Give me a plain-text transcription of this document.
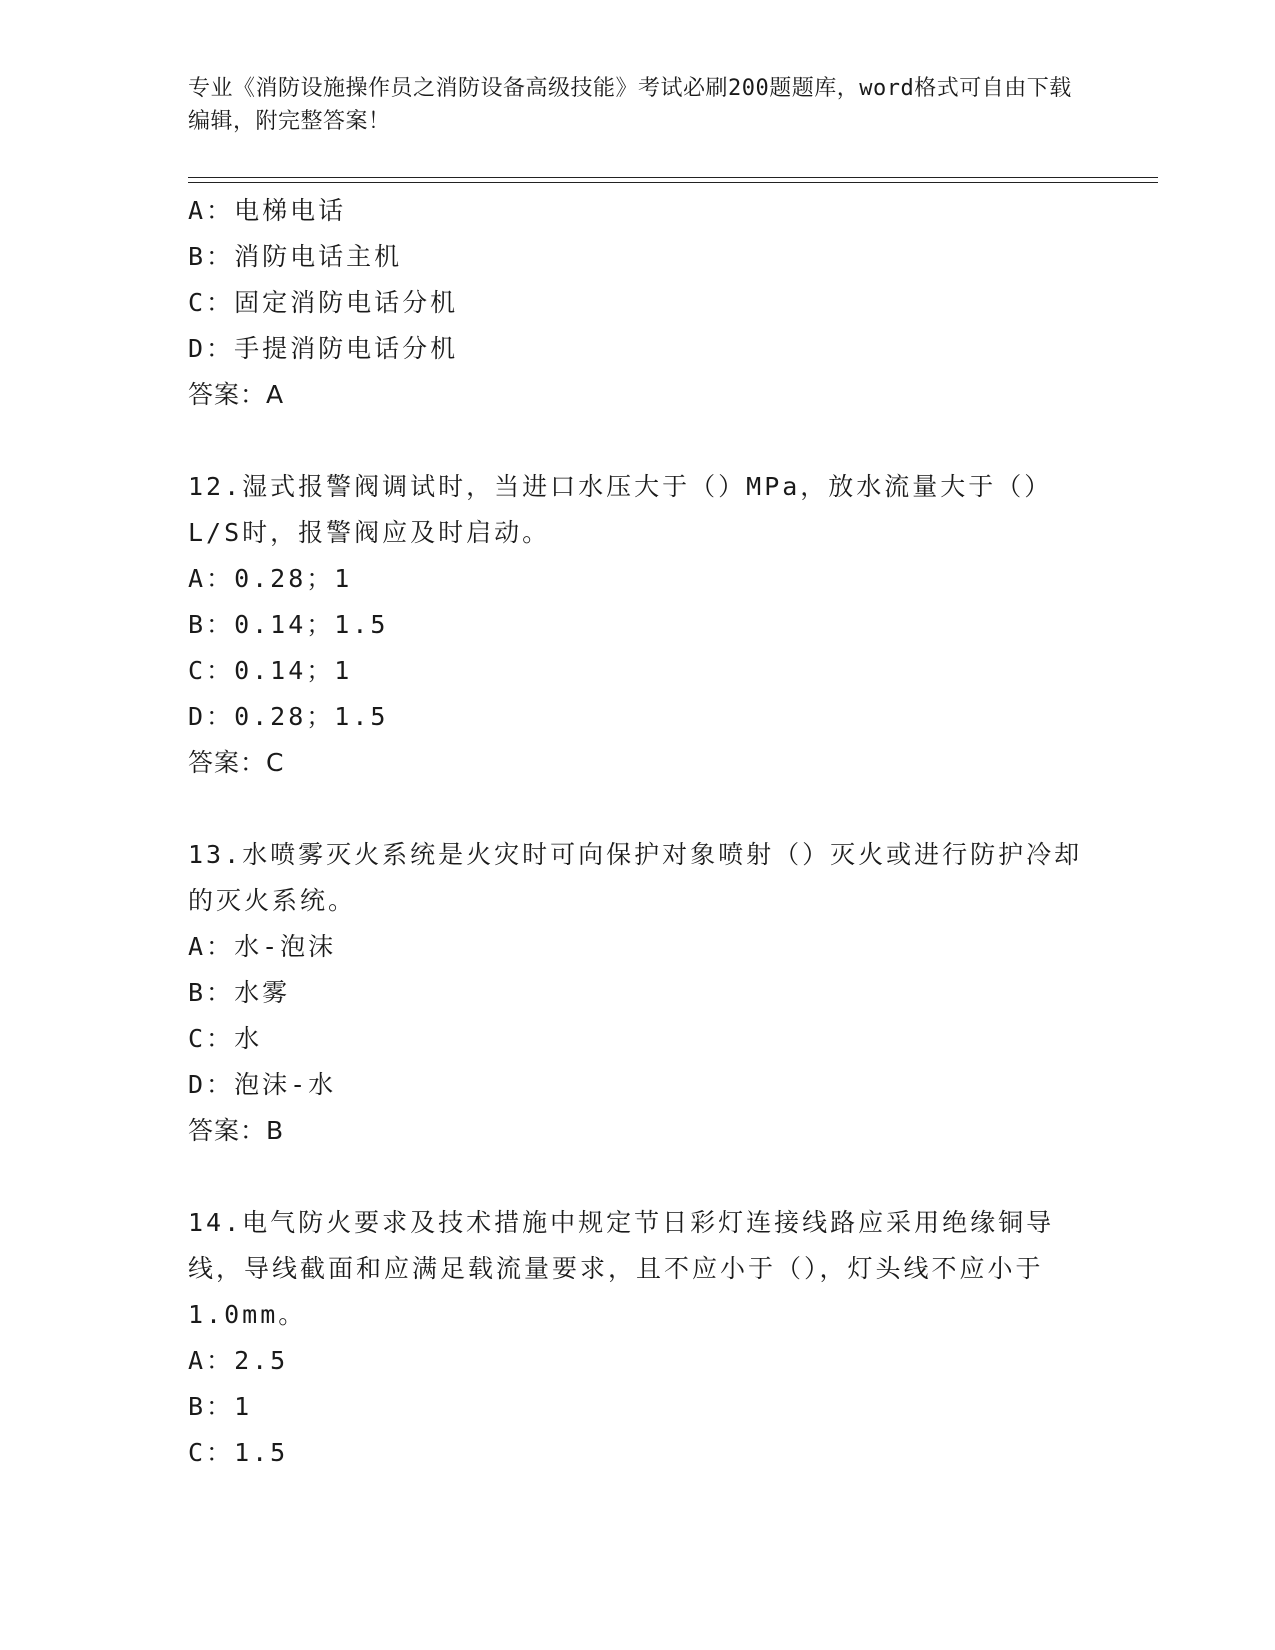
专业《消防设施操作员之消防设备高级技能》考试必刷200题题库，word格式可自由下载编辑，附完整答案！
A：电梯电话
B：消防电话主机
C：固定消防电话分机
D：手提消防电话分机
答案：A
12.湿式报警阀调试时，当进口水压大于（）MPa，放水流量大于（）L/S时，报警阀应及时启动。
A：0.28；1
B：0.14；1.5
C：0.14；1
D：0.28；1.5
答案：C
13.水喷雾灭火系统是火灾时可向保护对象喷射（）灭火或进行防护冷却的灭火系统。
A：水-泡沫
B：水雾
C：水
D：泡沫-水
答案：B
14.电气防火要求及技术措施中规定节日彩灯连接线路应采用绝缘铜导线，导线截面和应满足载流量要求，且不应小于（），灯头线不应小于1.0mm。
A：2.5
B：1
C：1.5
